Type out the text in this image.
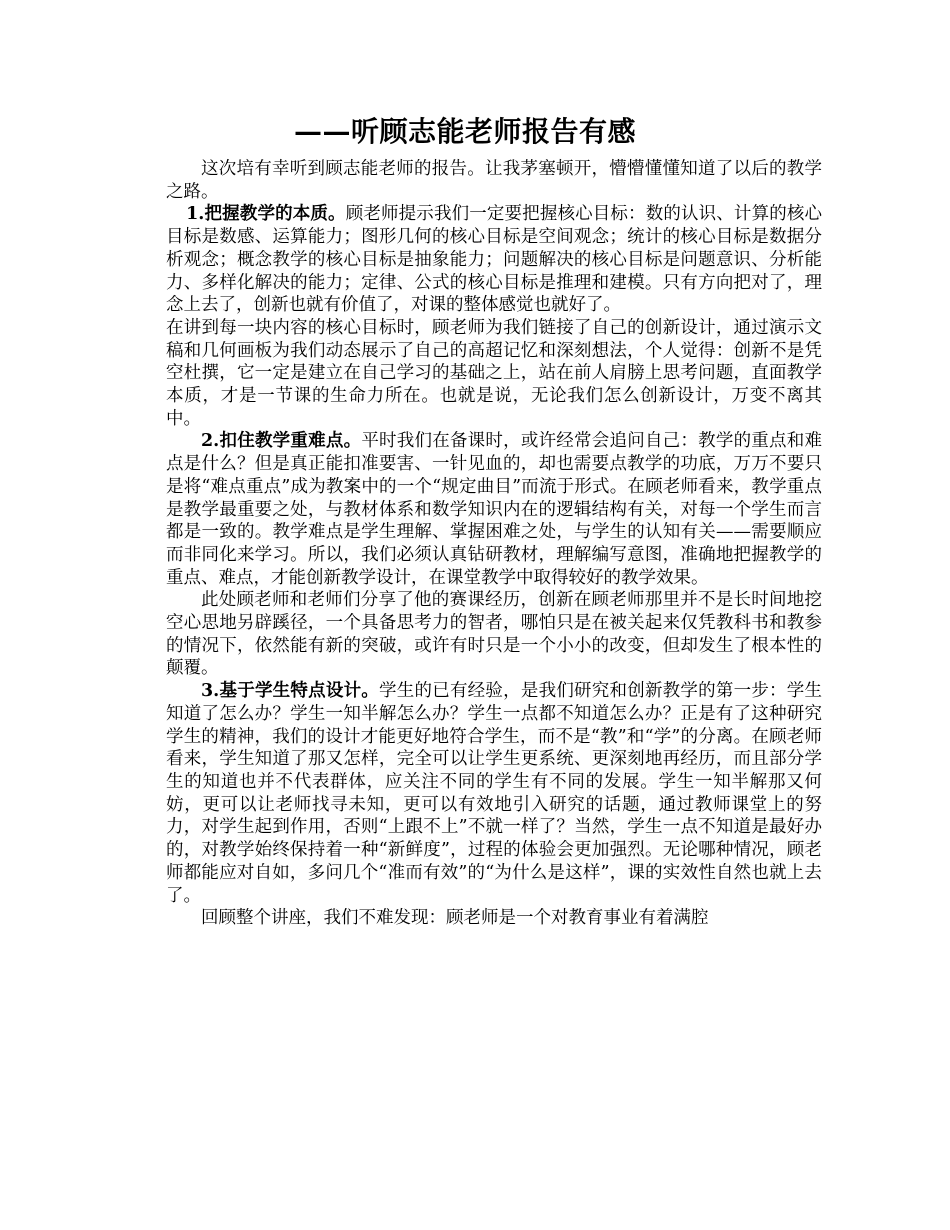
——听顾志能老师报告有感

这次培有幸听到顾志能老师的报告。让我茅塞顿开，懵懵懂懂知道了以后的教学之路。

1.把握教学的本质。顾老师提示我们一定要把握核心目标：数的认识、计算的核心目标是数感、运算能力；图形几何的核心目标是空间观念；统计的核心目标是数据分析观念；概念教学的核心目标是抽象能力；问题解决的核心目标是问题意识、分析能力、多样化解决的能力；定律、公式的核心目标是推理和建模。只有方向把对了，理念上去了，创新也就有价值了，对课的整体感觉也就好了。

在讲到每一块内容的核心目标时，顾老师为我们链接了自己的创新设计，通过演示文稿和几何画板为我们动态展示了自己的高超记忆和深刻想法，个人觉得：创新不是凭空杜撰，它一定是建立在自己学习的基础之上，站在前人肩膀上思考问题，直面教学本质，才是一节课的生命力所在。也就是说，无论我们怎么创新设计，万变不离其中。

2.扣住教学重难点。平时我们在备课时，或许经常会追问自己：教学的重点和难点是什么？但是真正能扣准要害、一针见血的，却也需要点教学的功底，万万不要只是将“难点重点”成为教案中的一个“规定曲目”而流于形式。在顾老师看来，教学重点是教学最重要之处，与教材体系和数学知识内在的逻辑结构有关，对每一个学生而言都是一致的。教学难点是学生理解、掌握困难之处，与学生的认知有关——需要顺应而非同化来学习。所以，我们必须认真钻研教材，理解编写意图，准确地把握教学的重点、难点，才能创新教学设计，在课堂教学中取得较好的教学效果。

此处顾老师和老师们分享了他的赛课经历，创新在顾老师那里并不是长时间地挖空心思地另辟蹊径，一个具备思考力的智者，哪怕只是在被关起来仅凭教科书和教参的情况下，依然能有新的突破，或许有时只是一个小小的改变，但却发生了根本性的颠覆。

3.基于学生特点设计。学生的已有经验，是我们研究和创新教学的第一步：学生知道了怎么办？学生一知半解怎么办？学生一点都不知道怎么办？正是有了这种研究学生的精神，我们的设计才能更好地符合学生，而不是“教”和“学”的分离。在顾老师看来，学生知道了那又怎样，完全可以让学生更系统、更深刻地再经历，而且部分学生的知道也并不代表群体，应关注不同的学生有不同的发展。学生一知半解那又何妨，更可以让老师找寻未知，更可以有效地引入研究的话题，通过教师课堂上的努力，对学生起到作用，否则“上跟不上”不就一样了？当然，学生一点不知道是最好办的，对教学始终保持着一种“新鲜度”，过程的体验会更加强烈。无论哪种情况，顾老师都能应对自如，多问几个“准而有效”的“为什么是这样”，课的实效性自然也就上去了。

回顾整个讲座，我们不难发现：顾老师是一个对教育事业有着满腔
